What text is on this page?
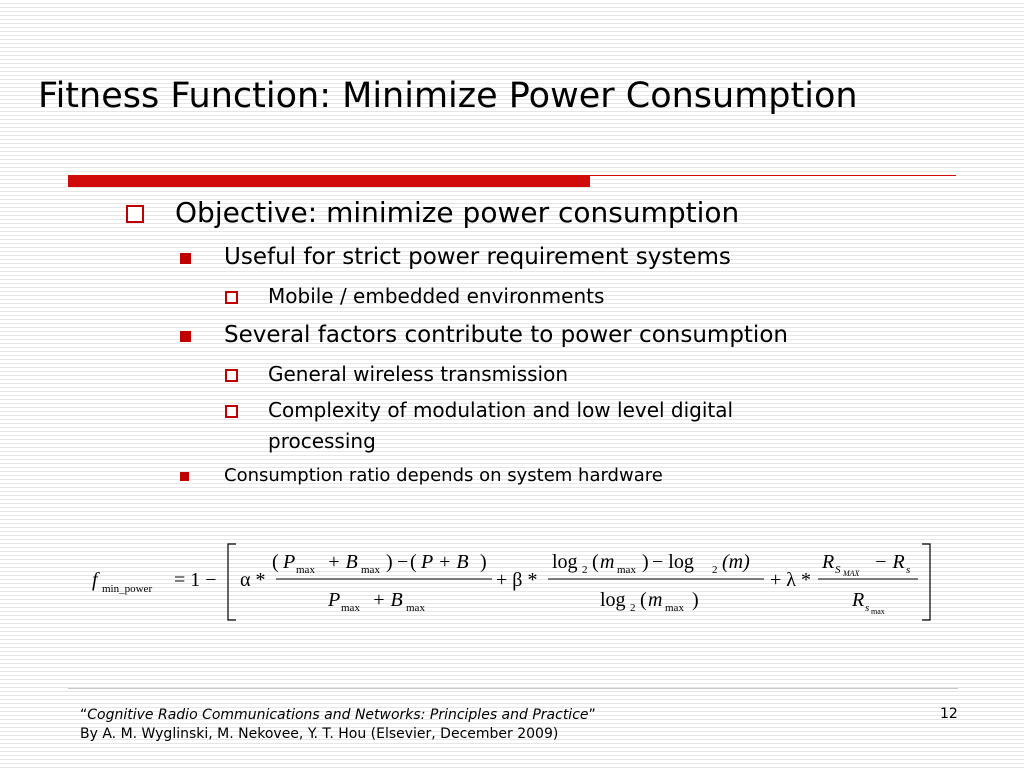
Fitness Function: Minimize Power Consumption
Objective: minimize power consumption
Useful for strict power requirement systems
Mobile / embedded environments
Several factors contribute to power consumption
General wireless transmission
Complexity of modulation and low level digital
processing
Consumption ratio depends on system hardware
f min_power = 1 − α *
( P max + B max ) − ( P + B )
P max + B max
+ β *
log 2 ( m max ) − log 2 (m)
log 2 ( m max )
+ λ *
R S MAX
− R s
R s max
“Cognitive Radio Communications and Networks: Principles and Practice”
By A. M. Wyglinski, M. Nekovee, Y. T. Hou (Elsevier, December 2009)
12
